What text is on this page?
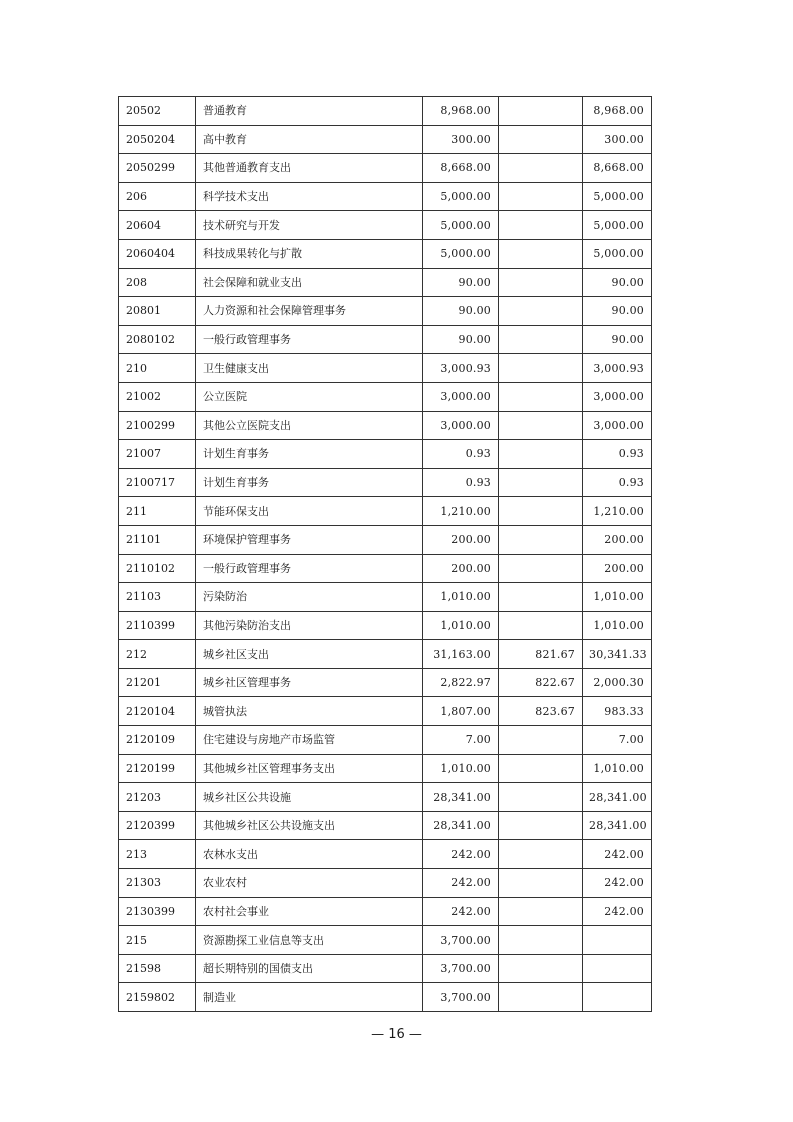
20502	普通教育	8,968.00		8,968.00
2050204	高中教育	300.00		300.00
2050299	其他普通教育支出	8,668.00		8,668.00
206	科学技术支出	5,000.00		5,000.00
20604	技术研究与开发	5,000.00		5,000.00
2060404	科技成果转化与扩散	5,000.00		5,000.00
208	社会保障和就业支出	90.00		90.00
20801	人力资源和社会保障管理事务	90.00		90.00
2080102	一般行政管理事务	90.00		90.00
210	卫生健康支出	3,000.93		3,000.93
21002	公立医院	3,000.00		3,000.00
2100299	其他公立医院支出	3,000.00		3,000.00
21007	计划生育事务	0.93		0.93
2100717	计划生育事务	0.93		0.93
211	节能环保支出	1,210.00		1,210.00
21101	环境保护管理事务	200.00		200.00
2110102	一般行政管理事务	200.00		200.00
21103	污染防治	1,010.00		1,010.00
2110399	其他污染防治支出	1,010.00		1,010.00
212	城乡社区支出	31,163.00	821.67	30,341.33
21201	城乡社区管理事务	2,822.97	822.67	2,000.30
2120104	城管执法	1,807.00	823.67	983.33
2120109	住宅建设与房地产市场监管	7.00		7.00
2120199	其他城乡社区管理事务支出	1,010.00		1,010.00
21203	城乡社区公共设施	28,341.00		28,341.00
2120399	其他城乡社区公共设施支出	28,341.00		28,341.00
213	农林水支出	242.00		242.00
21303	农业农村	242.00		242.00
2130399	农村社会事业	242.00		242.00
215	资源勘探工业信息等支出	3,700.00		
21598	超长期特别的国债支出	3,700.00		
2159802	制造业	3,700.00		
— 16 —
